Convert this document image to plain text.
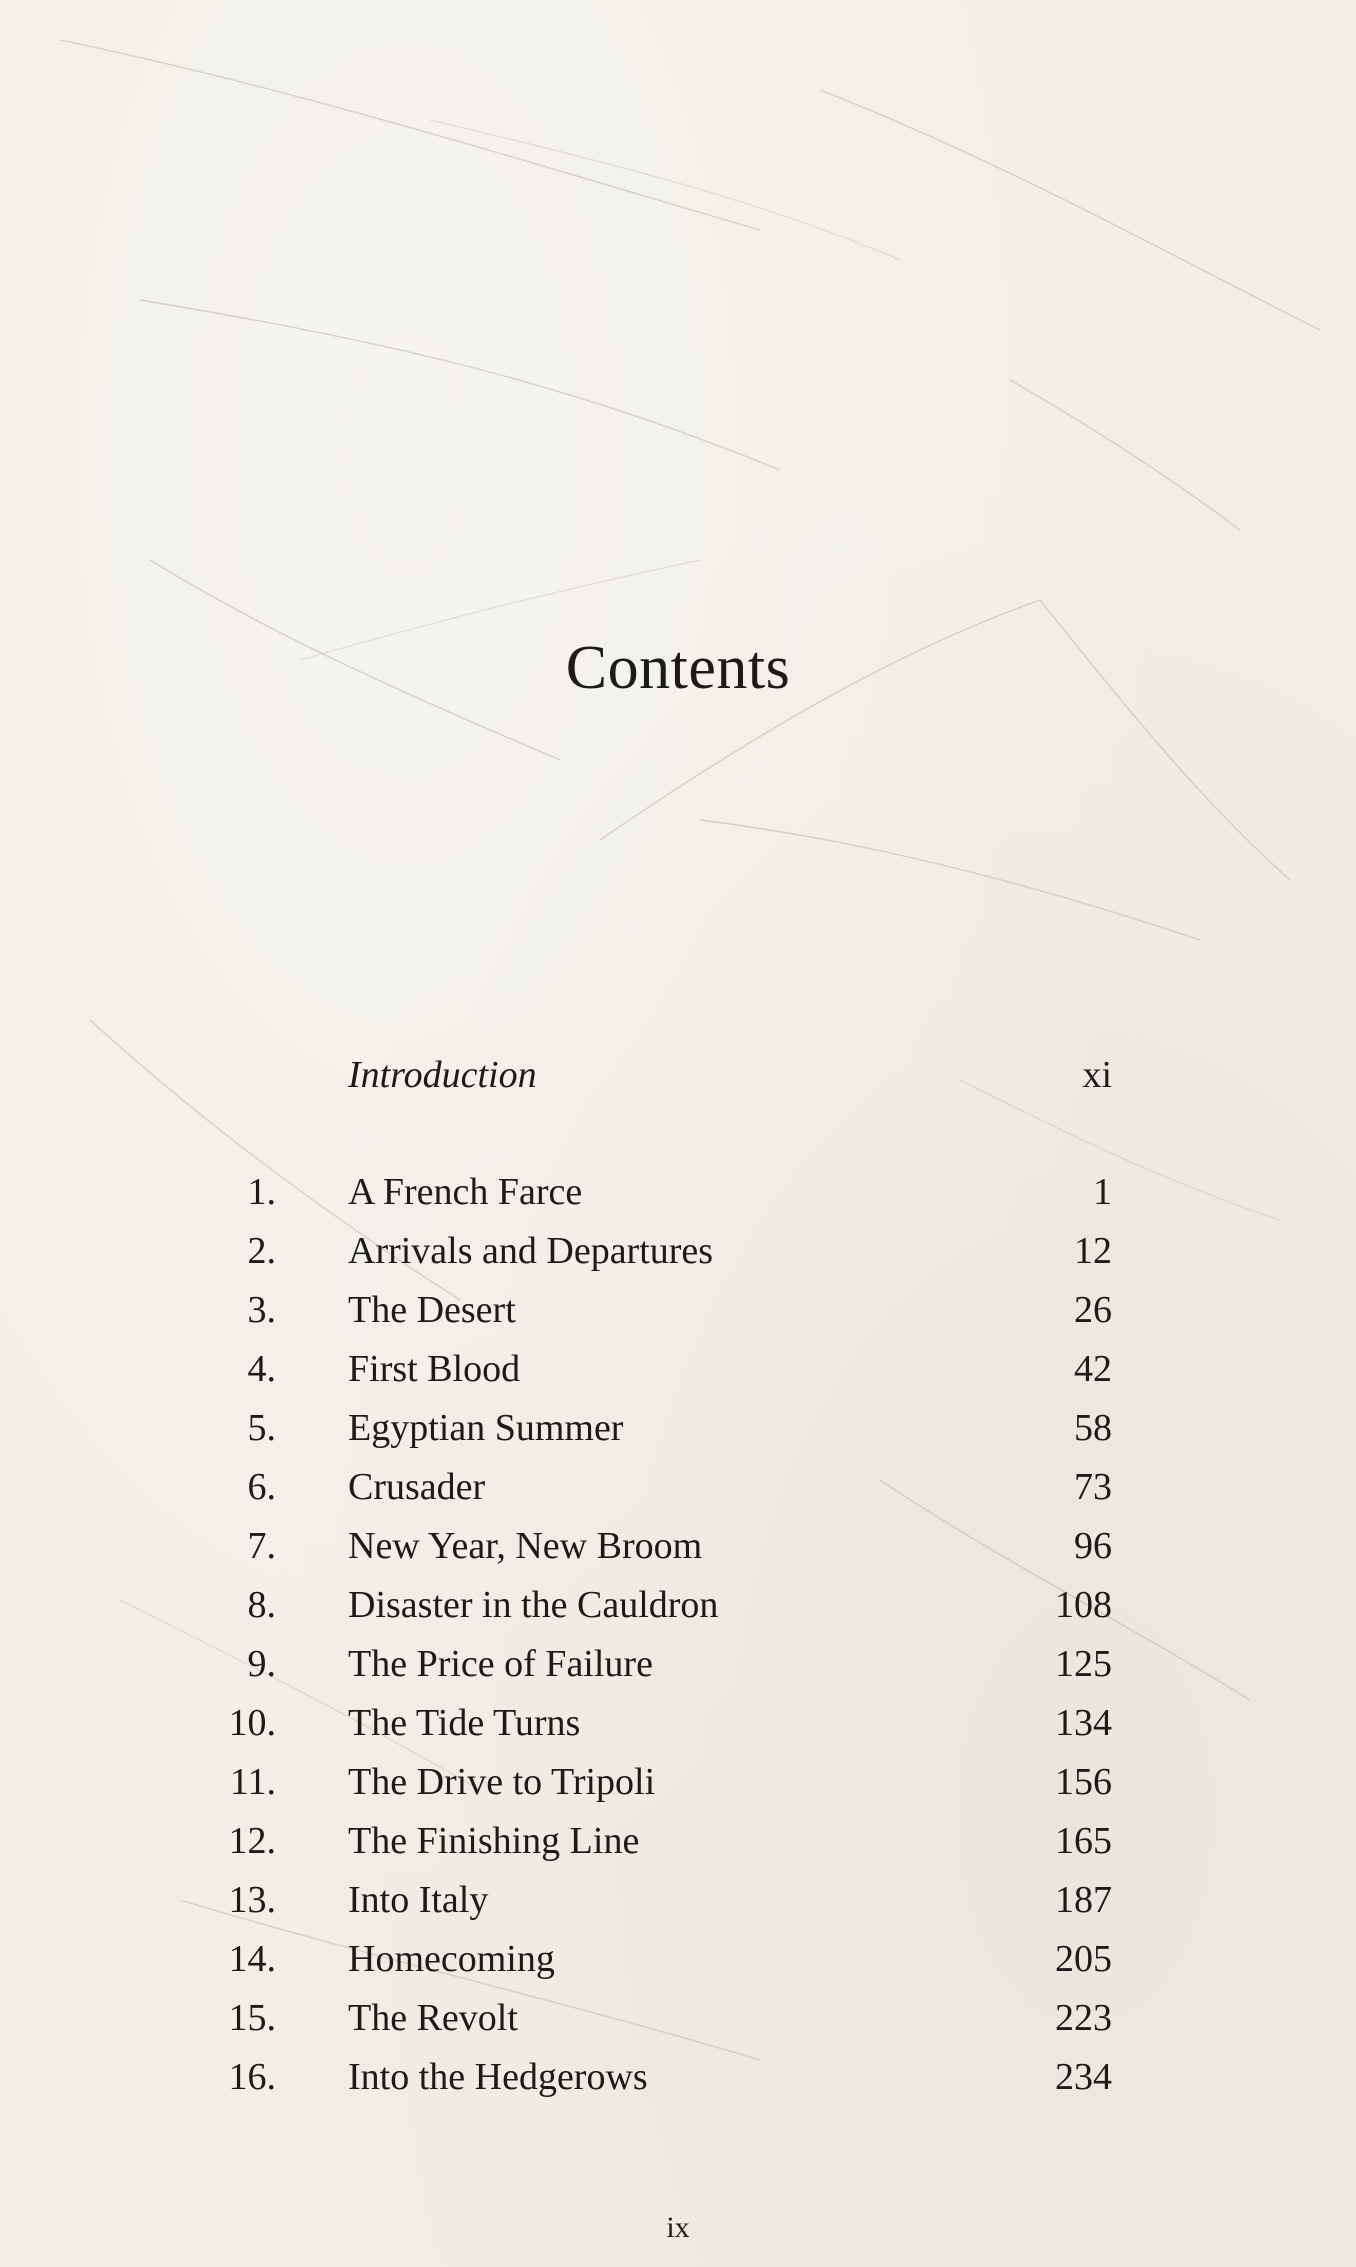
Contents
Introduction	xi
1. A French Farce	1
2. Arrivals and Departures	12
3. The Desert	26
4. First Blood	42
5. Egyptian Summer	58
6. Crusader	73
7. New Year, New Broom	96
8. Disaster in the Cauldron	108
9. The Price of Failure	125
10. The Tide Turns	134
11. The Drive to Tripoli	156
12. The Finishing Line	165
13. Into Italy	187
14. Homecoming	205
15. The Revolt	223
16. Into the Hedgerows	234
ix
